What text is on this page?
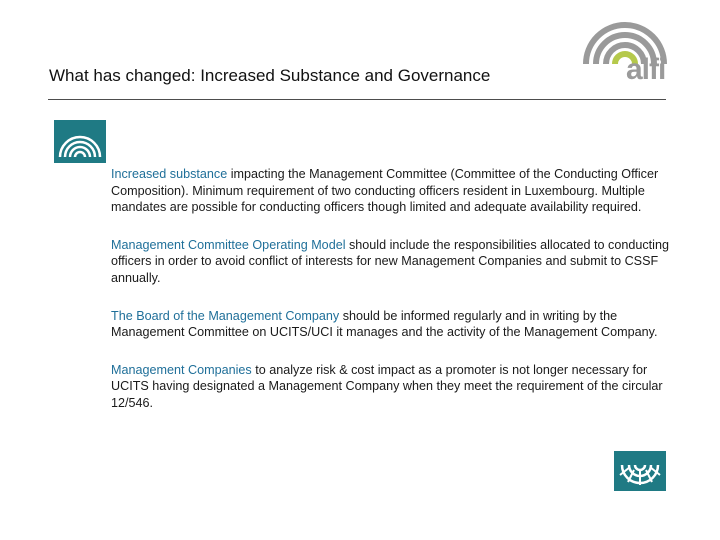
What has changed: Increased Substance and Governance	alfi

Increased substance impacting the Management Committee (Committee of the Conducting Officer Composition). Minimum requirement of two conducting officers resident in Luxembourg. Multiple mandates are possible for conducting officers though limited and adequate availability required.

Management Committee Operating Model should include the responsibilities allocated to conducting officers in order to avoid conflict of interests for new Management Companies and submit to CSSF annually.

The Board of the Management Company should be informed regularly and in writing by the Management Committee on UCITS/UCI it manages and the activity of the Management Company.

Management Companies to analyze risk & cost impact as a promoter is not longer necessary for UCITS having designated a Management Company when they meet the requirement of the circular 12/546.
